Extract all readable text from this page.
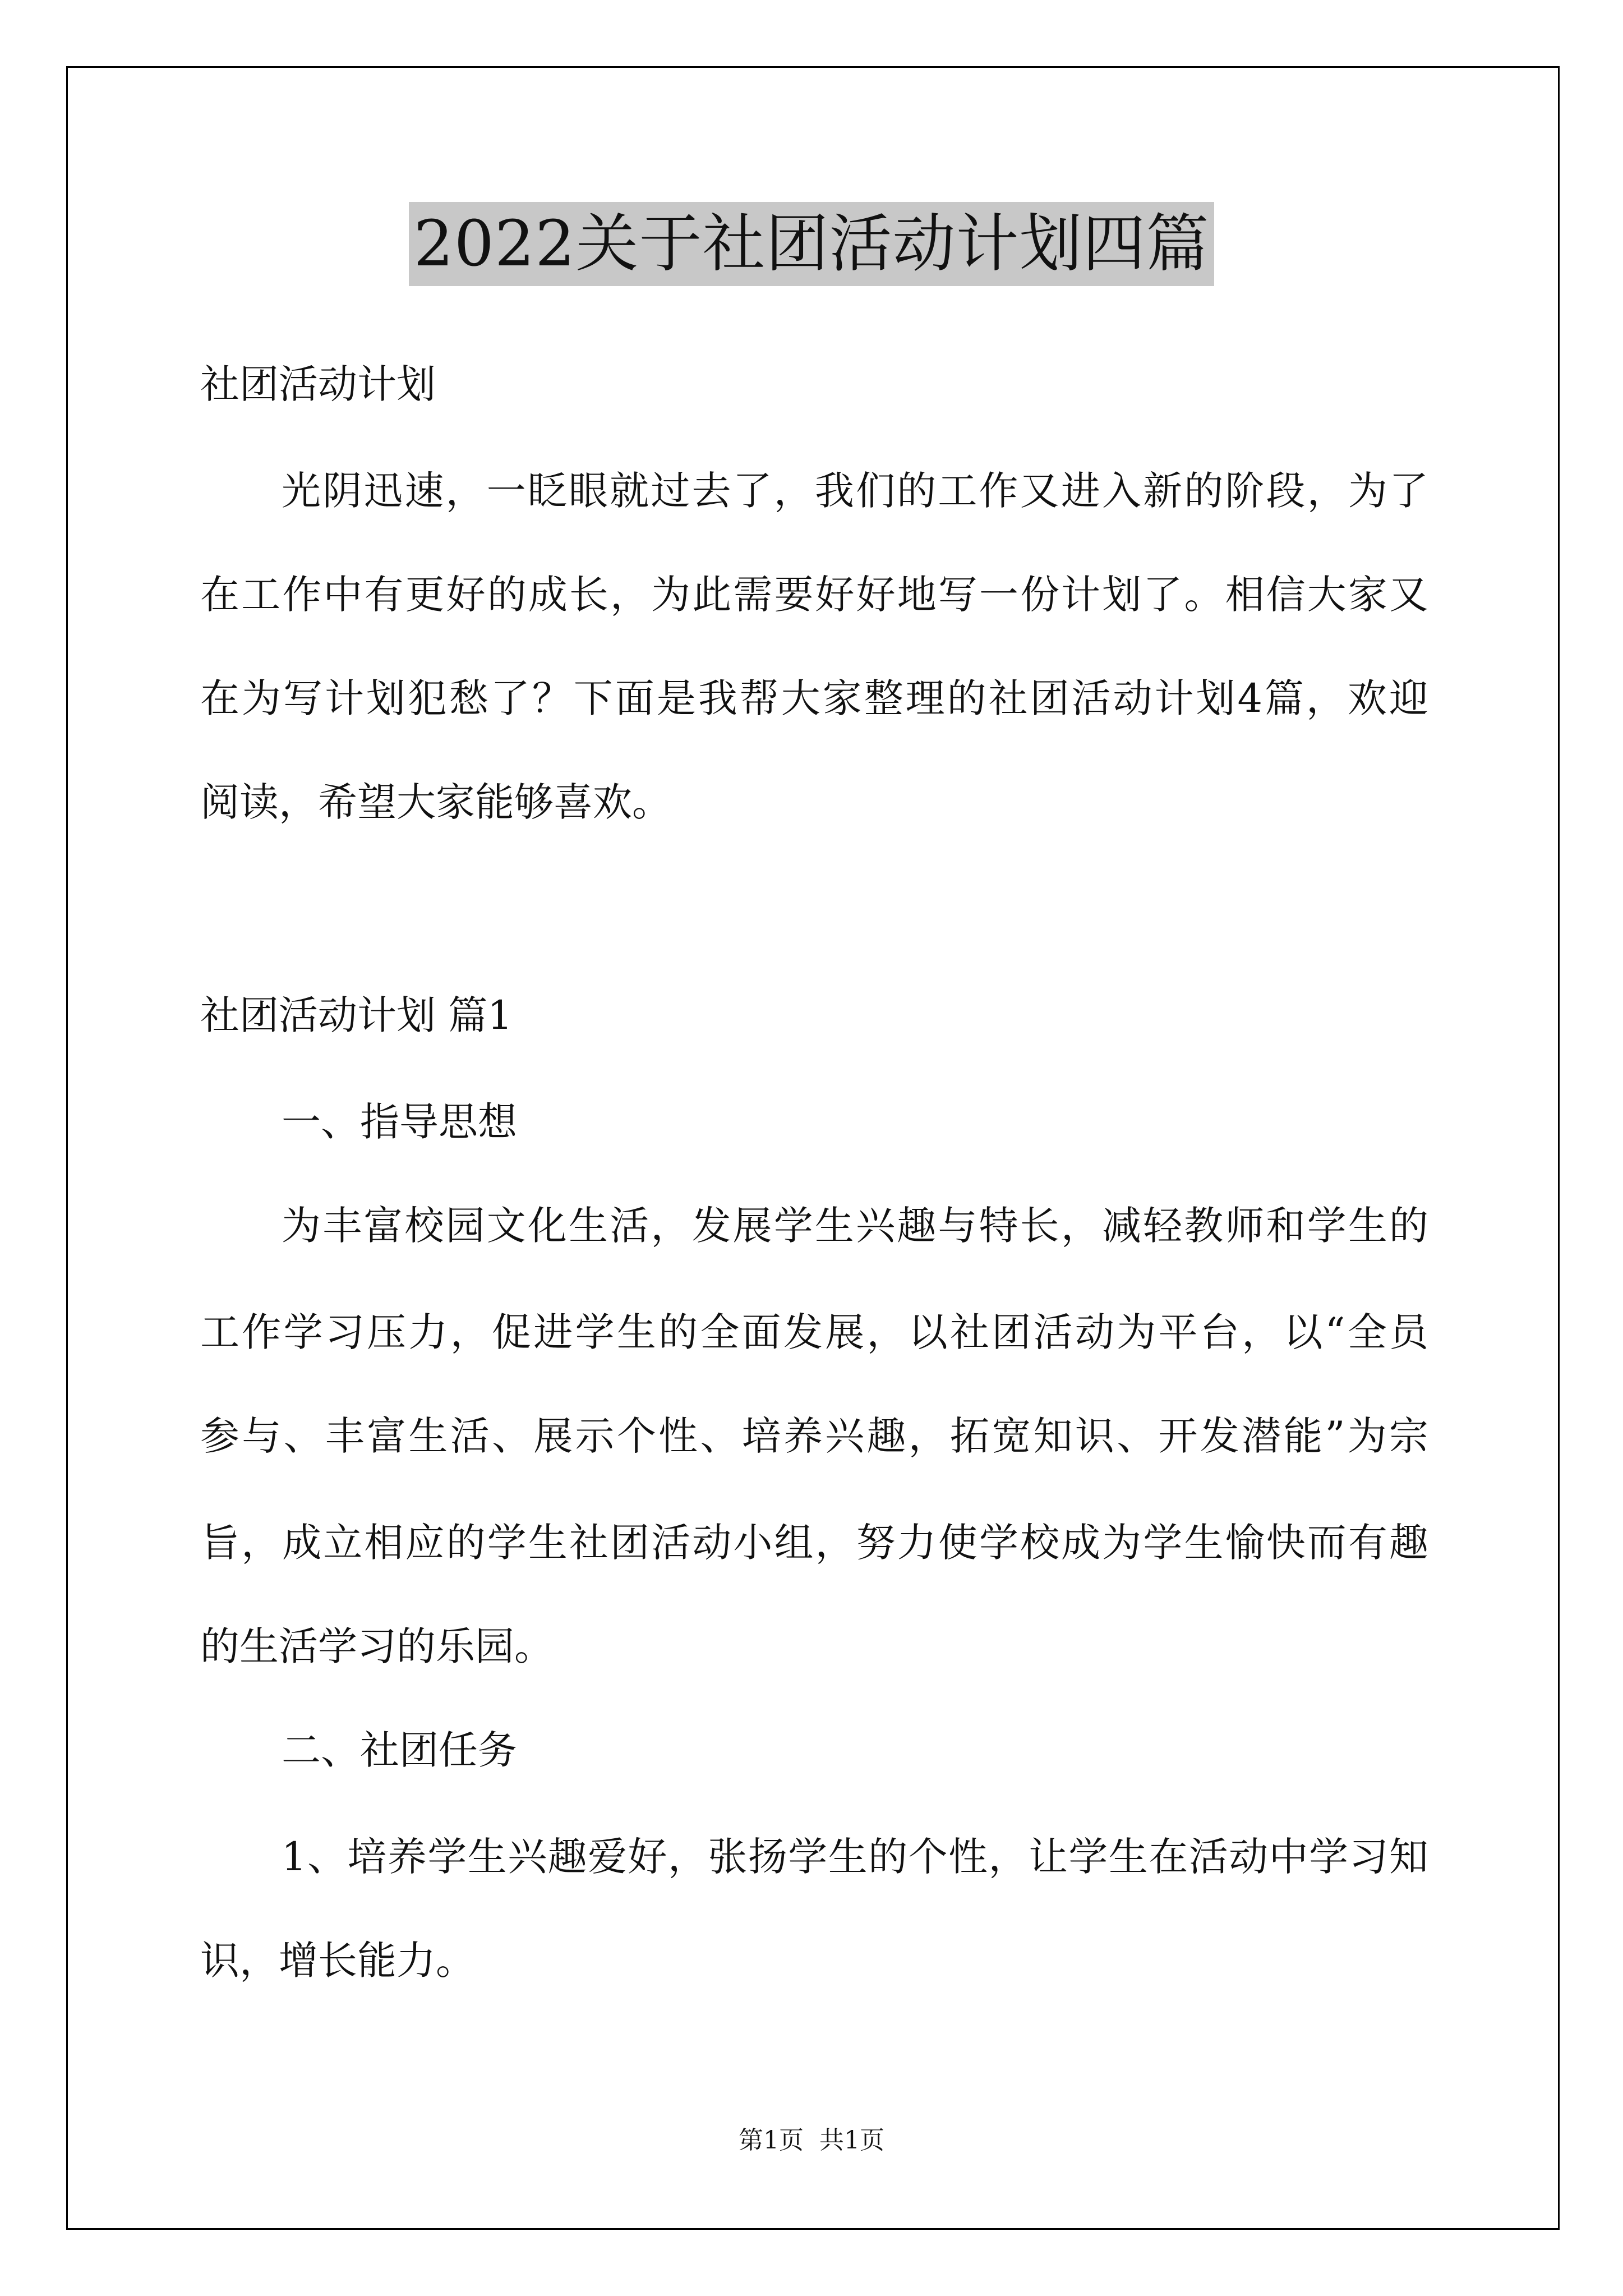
2022关于社团活动计划四篇
社团活动计划
光阴迅速，一眨眼就过去了，我们的工作又进入新的阶段，为了
在工作中有更好的成长，为此需要好好地写一份计划了。相信大家又
在为写计划犯愁了？下面是我帮大家整理的社团活动计划4篇，欢迎
阅读，希望大家能够喜欢。
社团活动计划 篇1
一、指导思想
为丰富校园文化生活，发展学生兴趣与特长，减轻教师和学生的
工作学习压力，促进学生的全面发展，以社团活动为平台，以“全员
参与、丰富生活、展示个性、培养兴趣，拓宽知识、开发潜能”为宗
旨，成立相应的学生社团活动小组，努力使学校成为学生愉快而有趣
的生活学习的乐园。
二、社团任务
1、培养学生兴趣爱好，张扬学生的个性，让学生在活动中学习知
识，增长能力。
第1页 共1页
